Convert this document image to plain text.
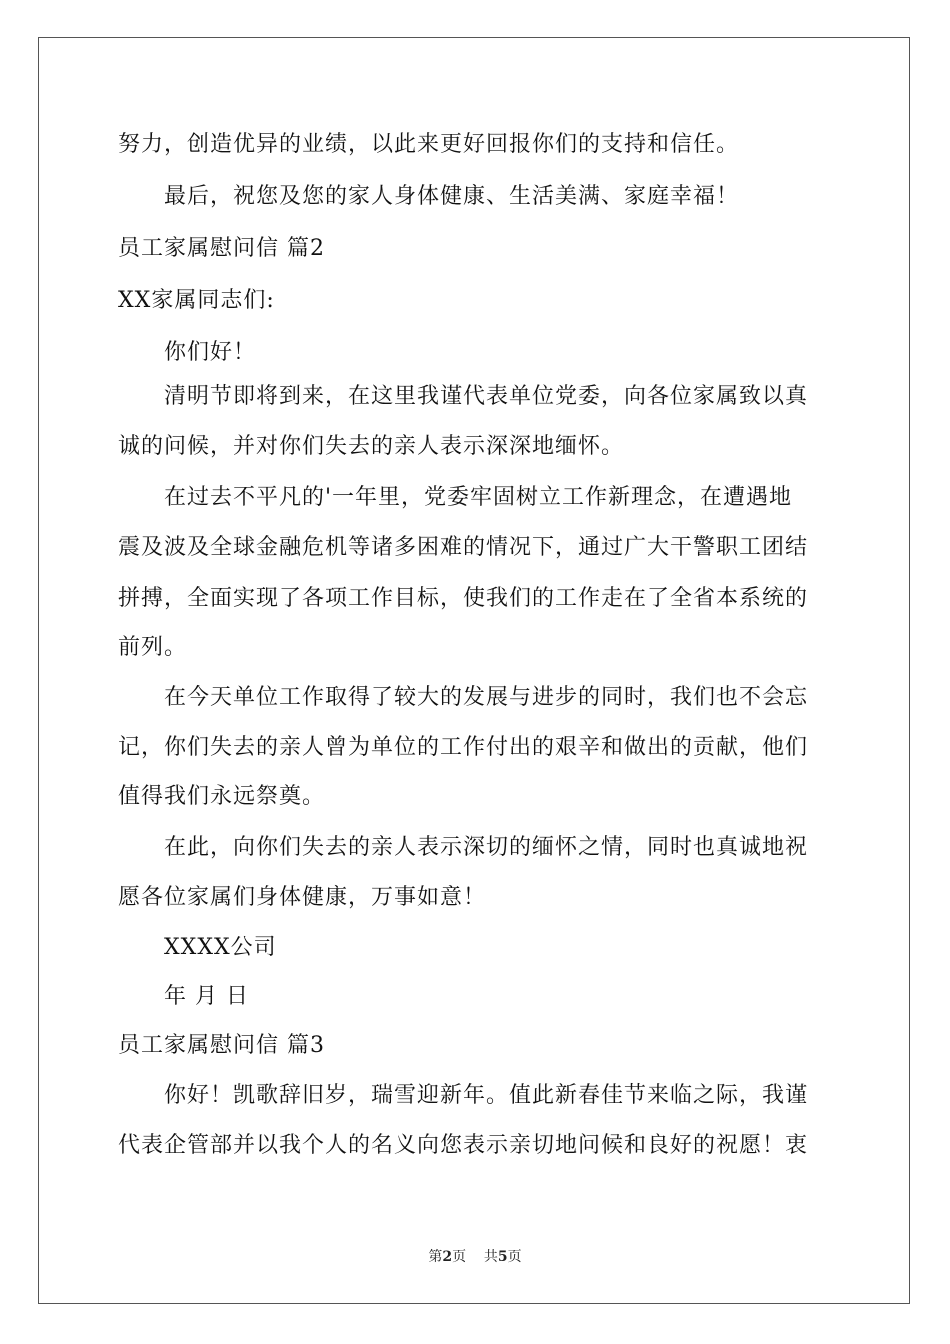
努力，创造优异的业绩，以此来更好回报你们的支持和信任。
最后，祝您及您的家人身体健康、生活美满、家庭幸福！
员工家属慰问信 篇2
XX家属同志们:
你们好！
清明节即将到来，在这里我谨代表单位党委，向各位家属致以真
诚的问候，并对你们失去的亲人表示深深地缅怀。
在过去不平凡的'一年里，党委牢固树立工作新理念，在遭遇地
震及波及全球金融危机等诸多困难的情况下，通过广大干警职工团结
拼搏，全面实现了各项工作目标，使我们的工作走在了全省本系统的
前列。
在今天单位工作取得了较大的发展与进步的同时，我们也不会忘
记，你们失去的亲人曾为单位的工作付出的艰辛和做出的贡献，他们
值得我们永远祭奠。
在此，向你们失去的亲人表示深切的缅怀之情，同时也真诚地祝
愿各位家属们身体健康，万事如意！
XXXX公司
年 月 日
员工家属慰问信 篇3
你好！凯歌辞旧岁，瑞雪迎新年。值此新春佳节来临之际，我谨
代表企管部并以我个人的名义向您表示亲切地问候和良好的祝愿！衷
第2页 共5页
